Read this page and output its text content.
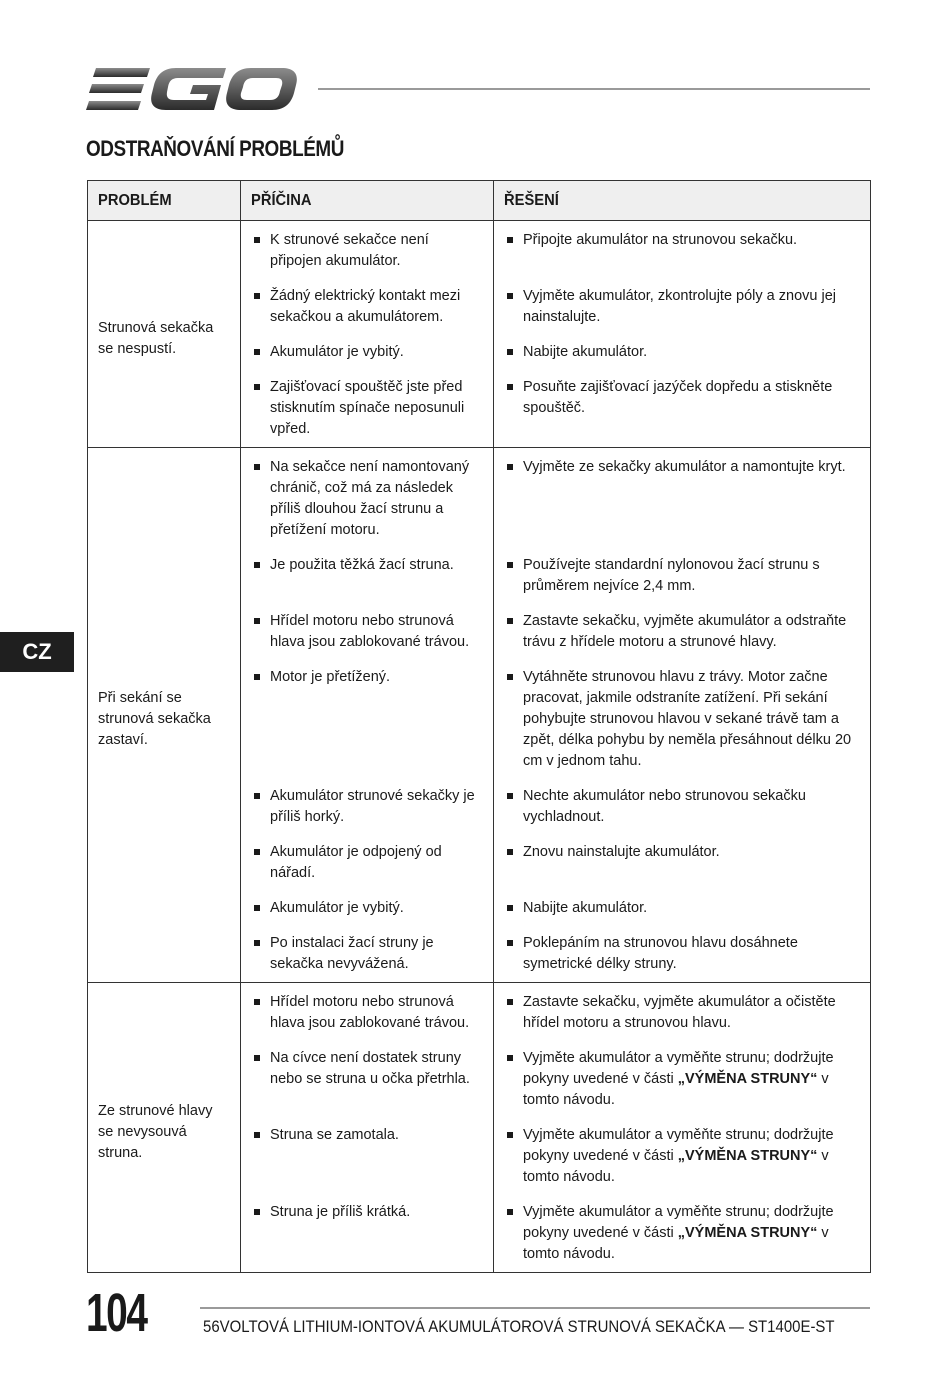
ODSTRAŇOVÁNÍ PROBLÉMŮ
PROBLÉM	PŘÍČINA	ŘEŠENÍ
Strunová sekačka se nespustí.	K strunové sekačce není připojen akumulátor.	Připojte akumulátor na strunovou sekačku.

	Žádný elektrický kontakt mezi sekačkou a akumulátorem.	Vyjměte akumulátor, zkontrolujte póly a znovu jej nainstalujte.

	Akumulátor je vybitý.	Nabijte akumulátor.

	Zajišťovací spouštěč jste před stisknutím spínače neposunuli vpřed.	Posuňte zajišťovací jazýček dopředu a stiskněte spouštěč.

Při sekání se strunová sekačka zastaví.	Na sekačce není namontovaný chránič, což má za následek příliš dlouhou žací strunu a přetížení motoru.	Vyjměte ze sekačky akumulátor a namontujte kryt.

	Je použita těžká žací struna.	Používejte standardní nylonovou žací strunu s průměrem nejvíce 2,4 mm.

	Hřídel motoru nebo strunová hlava jsou zablokované trávou.	Zastavte sekačku, vyjměte akumulátor a odstraňte trávu z hřídele motoru a strunové hlavy.

	Motor je přetížený.	Vytáhněte strunovou hlavu z trávy. Motor začne pracovat, jakmile odstraníte zatížení. Při sekání pohybujte strunovou hlavou v sekané trávě tam a zpět, délka pohybu by neměla přesáhnout délku 20 cm v jednom tahu.

	Akumulátor strunové sekačky je příliš horký.	Nechte akumulátor nebo strunovou sekačku vychladnout.

	Akumulátor je odpojený od nářadí.	Znovu nainstalujte akumulátor.

	Akumulátor je vybitý.	Nabijte akumulátor.

	Po instalaci žací struny je sekačka nevyvážená.	Poklepáním na strunovou hlavu dosáhnete symetrické délky struny.

Ze strunové hlavy se nevysouvá struna.	Hřídel motoru nebo strunová hlava jsou zablokované trávou.	Zastavte sekačku, vyjměte akumulátor a očistěte hřídel motoru a strunovou hlavu.

	Na cívce není dostatek struny nebo se struna u očka přetrhla.	Vyjměte akumulátor a vyměňte strunu; dodržujte pokyny uvedené v části „VÝMĚNA STRUNY“ v tomto návodu.

	Struna se zamotala.	Vyjměte akumulátor a vyměňte strunu; dodržujte pokyny uvedené v části „VÝMĚNA STRUNY“ v tomto návodu.

	Struna je příliš krátká.	Vyjměte akumulátor a vyměňte strunu; dodržujte pokyny uvedené v části „VÝMĚNA STRUNY“ v tomto návodu.
CZ
104	56VOLTOVÁ LITHIUM-IONTOVÁ AKUMULÁTOROVÁ STRUNOVÁ SEKAČKA — ST1400E-ST
